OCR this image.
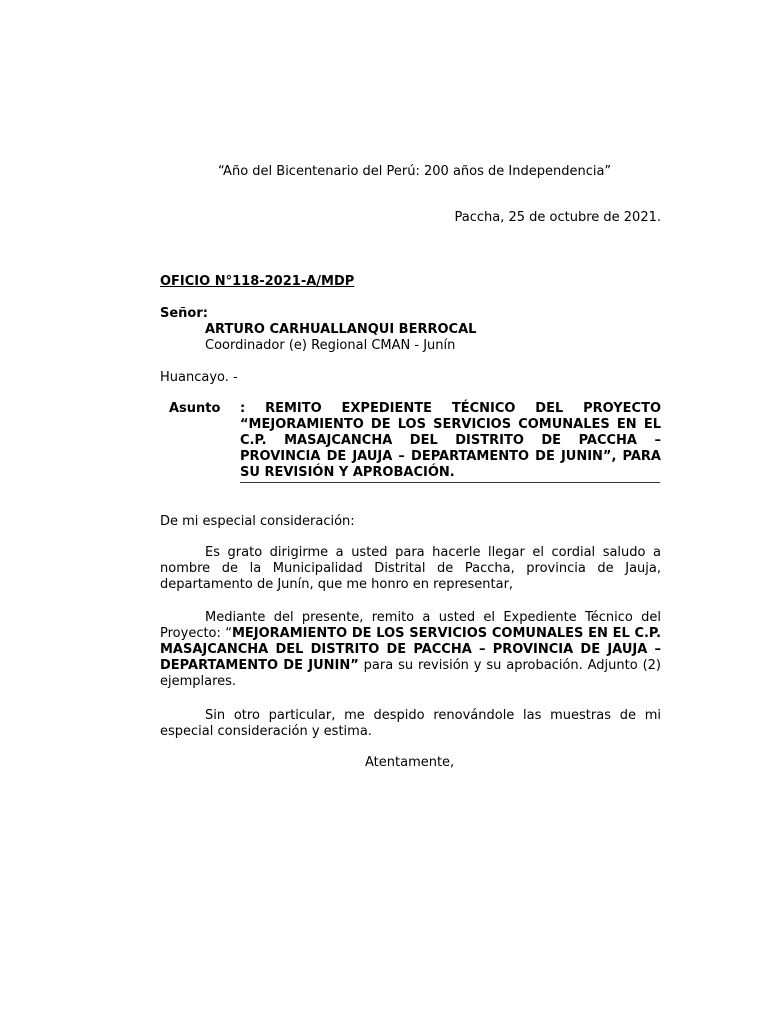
“Año del Bicentenario del Perú: 200 años de Independencia”
Paccha, 25 de octubre de 2021.
OFICIO N°118-2021-A/MDP
Señor:
ARTURO CARHUALLANQUI BERROCAL
Coordinador (e) Regional CMAN - Junín
Huancayo. -
Asunto : REMITO EXPEDIENTE TÉCNICO DEL PROYECTO “MEJORAMIENTO DE LOS SERVICIOS COMUNALES EN EL C.P. MASAJCANCHA DEL DISTRITO DE PACCHA – PROVINCIA DE JAUJA – DEPARTAMENTO DE JUNIN”, PARA SU REVISIÓN Y APROBACIÓN.
De mi especial consideración:
Es grato dirigirme a usted para hacerle llegar el cordial saludo a nombre de la Municipalidad Distrital de Paccha, provincia de Jauja, departamento de Junín, que me honro en representar,
Mediante del presente, remito a usted el Expediente Técnico del Proyecto: “MEJORAMIENTO DE LOS SERVICIOS COMUNALES EN EL C.P. MASAJCANCHA DEL DISTRITO DE PACCHA – PROVINCIA DE JAUJA – DEPARTAMENTO DE JUNIN” para su revisión y su aprobación. Adjunto (2) ejemplares.
Sin otro particular, me despido renovándole las muestras de mi especial consideración y estima.
Atentamente,
